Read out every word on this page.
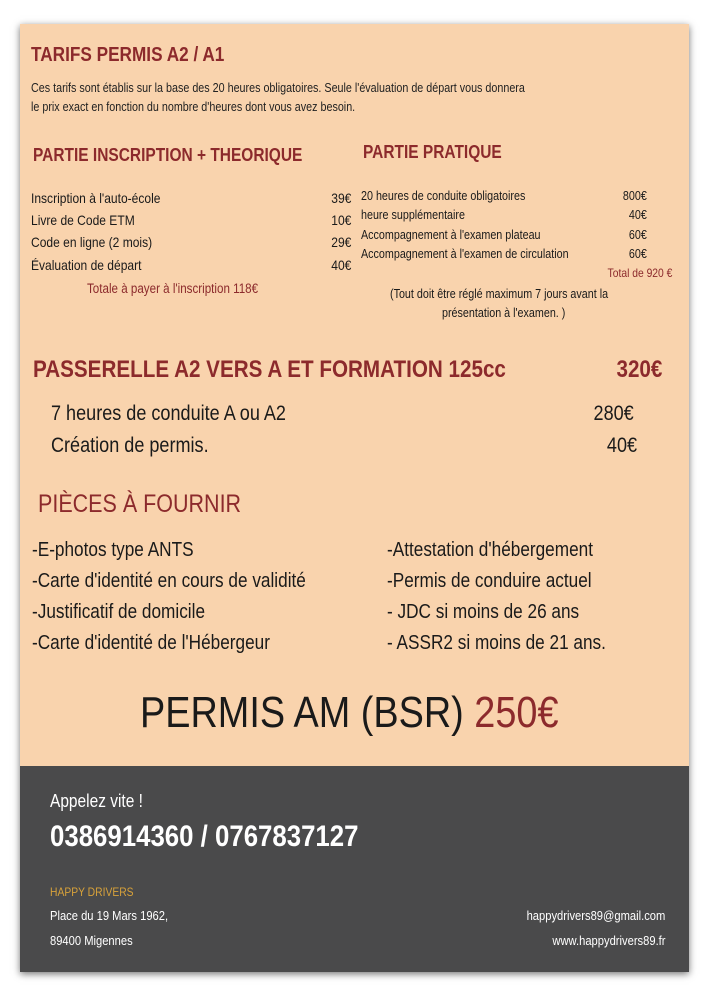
TARIFS PERMIS A2 / A1
Ces tarifs sont établis sur la base des 20 heures obligatoires. Seule l'évaluation de départ vous donnera
le prix exact en fonction du nombre d'heures dont vous avez besoin.
PARTIE INSCRIPTION + THEORIQUE
Inscription à l'auto-école	39€
Livre de Code ETM	10€
Code en ligne (2 mois)	29€
Évaluation de départ	40€
Totale à payer à l'inscription 118€
PARTIE PRATIQUE
20 heures de conduite obligatoires	800€
heure supplémentaire	40€
Accompagnement à l'examen plateau	60€
Accompagnement à l'examen de circulation	60€
Total de 920 €
(Tout doit être réglé maximum 7 jours avant la
présentation à l'examen. )
PASSERELLE A2 VERS A ET FORMATION 125cc	320€
7 heures de conduite A ou A2	280€
Création de permis.	40€
PIÈCES À FOURNIR
-E-photos type ANTS
-Carte d'identité en cours de validité
-Justificatif de domicile
-Carte d'identité de l'Hébergeur
-Attestation d'hébergement
-Permis de conduire actuel
- JDC si moins de 26 ans
- ASSR2 si moins de 21 ans.
PERMIS AM (BSR) 250€
Appelez vite !
0386914360 / 0767837127
HAPPY DRIVERS
Place du 19 Mars 1962,
89400 Migennes
happydrivers89@gmail.com
www.happydrivers89.fr
